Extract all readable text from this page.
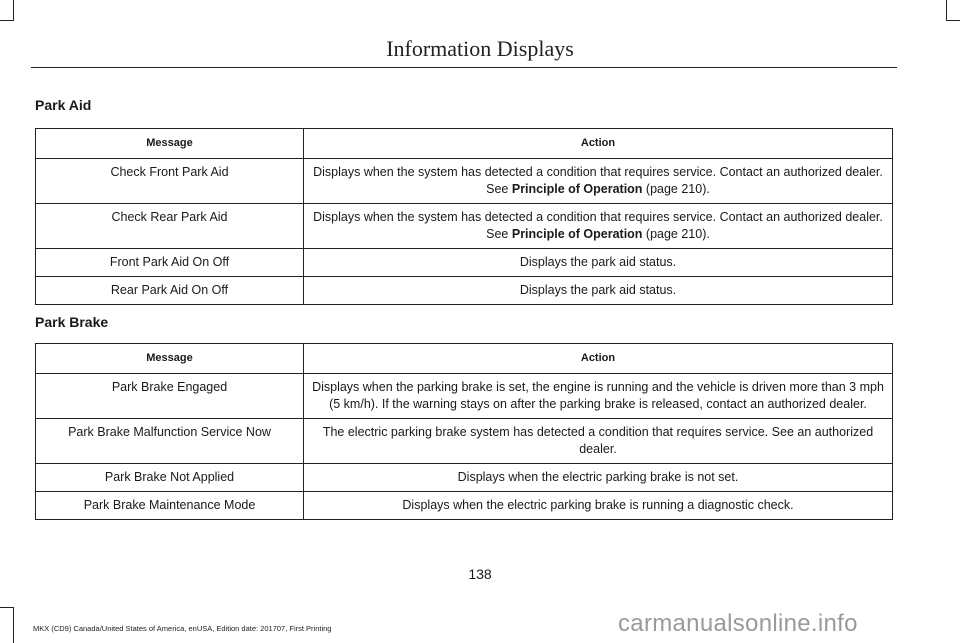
Information Displays
Park Aid
Message	Action
Check Front Park Aid	Displays when the system has detected a condition that requires service. Contact an authorized dealer. See Principle of Operation (page 210).
Check Rear Park Aid	Displays when the system has detected a condition that requires service. Contact an authorized dealer. See Principle of Operation (page 210).
Front Park Aid On Off	Displays the park aid status.
Rear Park Aid On Off	Displays the park aid status.
Park Brake
Message	Action
Park Brake Engaged	Displays when the parking brake is set, the engine is running and the vehicle is driven more than 3 mph (5 km/h). If the warning stays on after the parking brake is released, contact an authorized dealer.
Park Brake Malfunction Service Now	The electric parking brake system has detected a condition that requires service. See an authorized dealer.
Park Brake Not Applied	Displays when the electric parking brake is not set.
Park Brake Maintenance Mode	Displays when the electric parking brake is running a diagnostic check.
138
MKX (CD9) Canada/United States of America, enUSA, Edition date: 201707, First Printing	carmanualsonline.info
